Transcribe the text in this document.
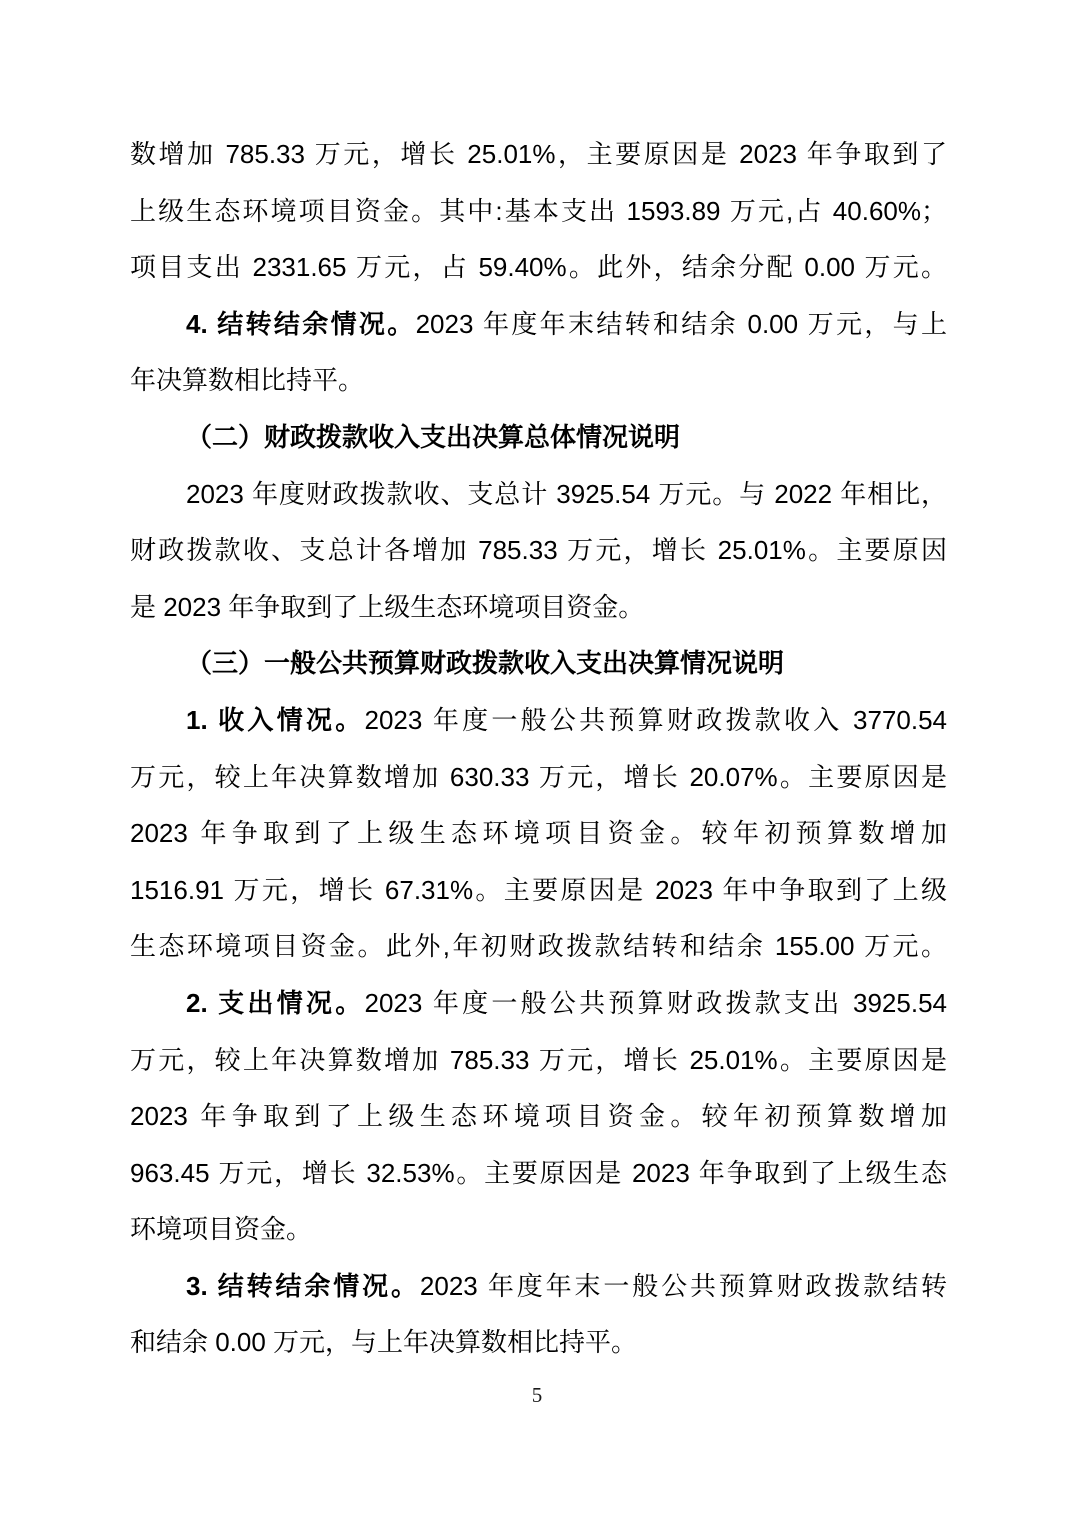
数增加 785.33 万元，增长 25.01%，主要原因是 2023 年争取到了
上级生态环境项目资金。其中:基本支出 1593.89 万元,占 40.60%；
项目支出 2331.65 万元，占 59.40%。此外，结余分配 0.00 万元。
4. 结转结余情况。2023 年度年末结转和结余 0.00 万元，与上
年决算数相比持平。
（二）财政拨款收入支出决算总体情况说明
2023 年度财政拨款收、支总计 3925.54 万元。与 2022 年相比，
财政拨款收、支总计各增加 785.33 万元，增长 25.01%。主要原因
是 2023 年争取到了上级生态环境项目资金。
（三）一般公共预算财政拨款收入支出决算情况说明
1. 收入情况。2023 年度一般公共预算财政拨款收入 3770.54
万元，较上年决算数增加 630.33 万元，增长 20.07%。主要原因是
2023 年争取到了上级生态环境项目资金。较年初预算数增加
1516.91 万元，增长 67.31%。主要原因是 2023 年中争取到了上级
生态环境项目资金。此外,年初财政拨款结转和结余 155.00 万元。
2. 支出情况。2023 年度一般公共预算财政拨款支出 3925.54
万元，较上年决算数增加 785.33 万元，增长 25.01%。主要原因是
2023 年争取到了上级生态环境项目资金。较年初预算数增加
963.45 万元，增长 32.53%。主要原因是 2023 年争取到了上级生态
环境项目资金。
3. 结转结余情况。2023 年度年末一般公共预算财政拨款结转
和结余 0.00 万元，与上年决算数相比持平。
5
